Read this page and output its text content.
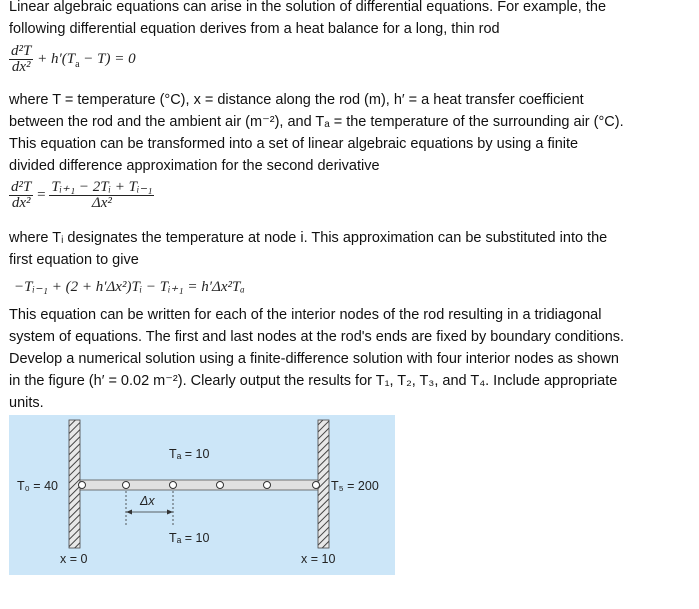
Linear algebraic equations can arise in the solution of differential equations. For example, the

following differential equation derives from a heat balance for a long, thin rod

$\frac{\text{d²T}}{\text{dx²}} + h'(T_a - T) = 0$

where T = temperature (°C), x = distance along the rod (m), h′ = a heat transfer coefficient

between the rod and the ambient air (m⁻²), and Tₐ = the temperature of the surrounding air (°C).

This equation can be transformed into a set of linear algebraic equations by using a finite

divided difference approximation for the second derivative

$\frac{\text{d²T}}{\text{dx²}} = \frac{\text{Tᵢ₊₁ − 2Tᵢ + Tᵢ₋₁}}{\text{Δx²}}$

where Tᵢ designates the temperature at node i. This approximation can be substituted into the

first equation to give

−Tᵢ₋₁ + (2 + h′Δx²)Tᵢ − Tᵢ₊₁ = h′Δx²Tₐ

This equation can be written for each of the interior nodes of the rod resulting in a tridiagonal

system of equations. The first and last nodes at the rod's ends are fixed by boundary conditions.

Develop a numerical solution using a finite-difference solution with four interior nodes as shown

in the figure (h′ = 0.02 m⁻²). Clearly output the results for T₁, T₂, T₃, and T₄. Include appropriate

units.

Tₐ = 10
Tₐ = 10
T₀ = 40	T₅ = 200
Δx
x = 0	x = 10
